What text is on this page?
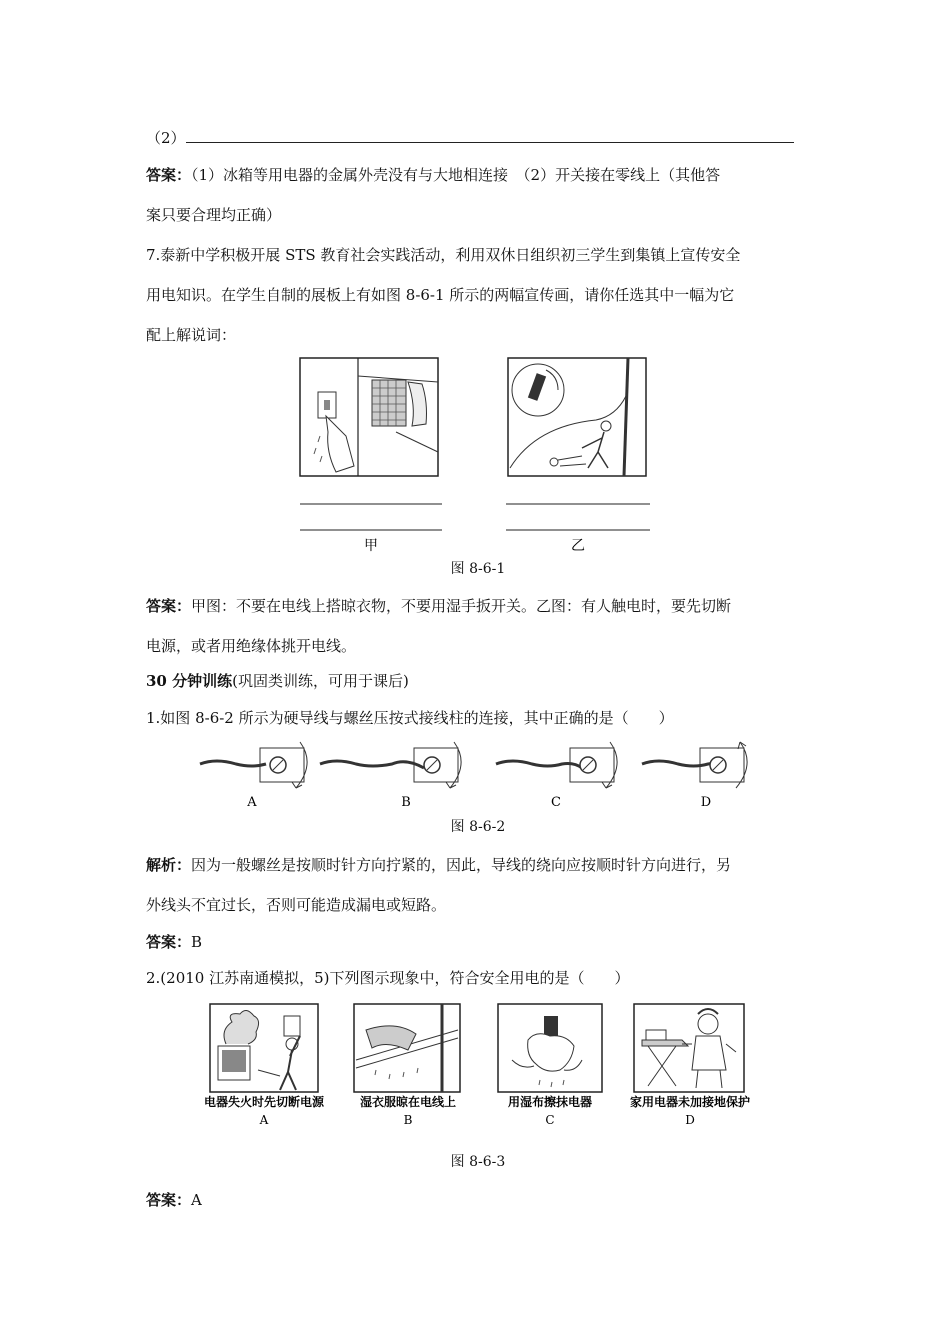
（2）
答案：（1）冰箱等用电器的金属外壳没有与大地相连接　（2）开关接在零线上（其他答
案只要合理均正确）
7.泰新中学积极开展 STS 教育社会实践活动，利用双休日组织初三学生到集镇上宣传安全
用电知识。在学生自制的展板上有如图 8-6-1 所示的两幅宣传画，请你任选其中一幅为它
配上解说词：
甲	乙
图 8-6-1
答案：甲图：不要在电线上搭晾衣物，不要用湿手扳开关。乙图：有人触电时，要先切断
电源，或者用绝缘体挑开电线。
30 分钟训练(巩固类训练，可用于课后)
1.如图 8-6-2 所示为硬导线与螺丝压按式接线柱的连接，其中正确的是（　　）
A	B	C	D
图 8-6-2
解析：因为一般螺丝是按顺时针方向拧紧的，因此，导线的绕向应按顺时针方向进行，另
外线头不宜过长，否则可能造成漏电或短路。
答案：B
2.(2010 江苏南通模拟，5)下列图示现象中，符合安全用电的是（　　）
电器失火时先切断电源
A
湿衣服晾在电线上
B
用湿布擦抹电器
C
家用电器未加接地保护
D
图 8-6-3
答案：A
